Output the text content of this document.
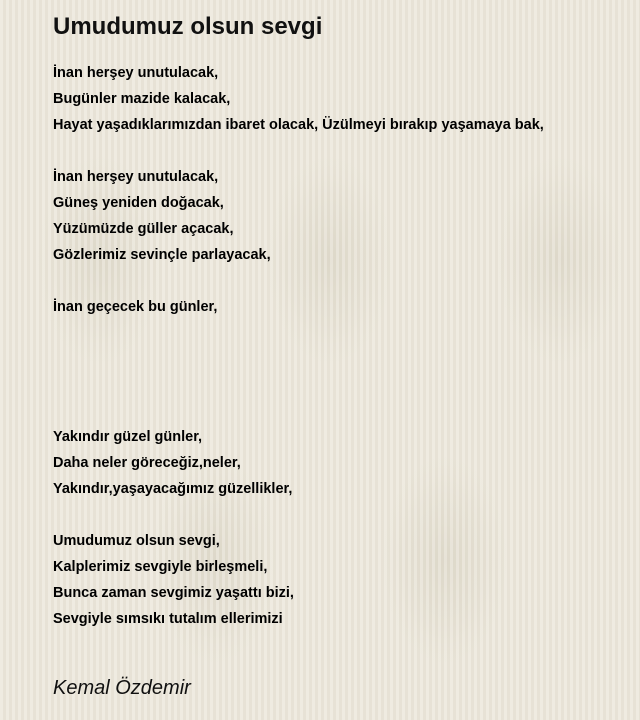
Umudumuz olsun sevgi
İnan herşey unutulacak,
Bugünler mazide kalacak,
Hayat yaşadıklarımızdan ibaret olacak, Üzülmeyi bırakıp yaşamaya bak,
İnan herşey unutulacak,
Güneş yeniden doğacak,
Yüzümüzde güller açacak,
Gözlerimiz sevinçle parlayacak,
İnan geçecek bu günler,
Yakındır güzel günler,
Daha neler göreceğiz,neler,
Yakındır,yaşayacağımız güzellikler,
Umudumuz olsun sevgi,
Kalplerimiz sevgiyle birleşmeli,
Bunca zaman sevgimiz yaşattı bizi,
Sevgiyle sımsıkı tutalım ellerimizi
Kemal Özdemir
